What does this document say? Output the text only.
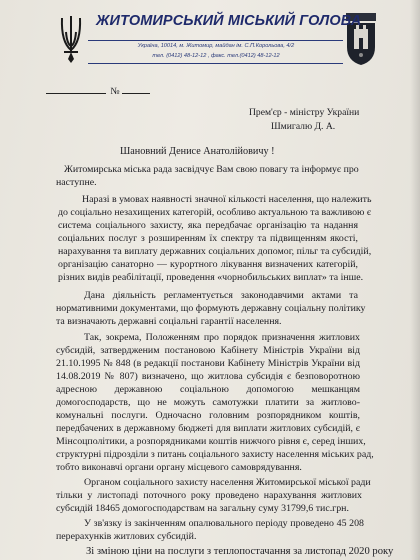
ЖИТОМИРСЬКИЙ МІСЬКИЙ ГОЛОВА
Україна, 10014, м. Житомир, майдан ім. С.П.Корольова, 4/2
тел. (0412) 48-12-12 , факс. тел.(0412) 48-12-12
№
Прем'єр - міністру України
Шмигалю Д. А.
Шановний Денисе Анатолійовичу !
Житомирська міська рада засвідчує Вам свою повагу та інформує про
наступне.
Наразі в умовах наявності значної кількості населення, що належить
до соціально незахищених категорій, особливо актуальною та важливою є
система соціального захисту, яка передбачає організацію та надання
соціальних послуг з розширенням їх спектру та підвищенням якості,
нарахування та виплату державних соціальних допомог, пільг та субсидій,
організацію санаторно — курортного лікування визначених категорій,
різних видів реабілітації, проведення «чорнобильських виплат» та інше.
Дана діяльність регламентується законодавчими актами та
нормативними документами, що формують державну соціальну політику
та визначають державні соціальні гарантії населення.
Так, зокрема, Положенням про порядок призначення житлових
субсидій, затвердженим постановою Кабінету Міністрів України від
21.10.1995 № 848 (в редакції постанови Кабінету Міністрів України від
14.08.2019 № 807) визначено, що житлова субсидія є безповоротною
адресною державною соціальною допомогою мешканцям
домогосподарств, що не можуть самотужки платити за житлово-
комунальні послуги. Одночасно головним розпорядником коштів,
передбачених в державному бюджеті для виплати житлових субсидій, є
Мінсоцполітики, а розпорядниками коштів нижчого рівня є, серед інших,
структурні підрозділи з питань соціального захисту населення міських рад,
тобто виконавчі органи органу місцевого самоврядування.
Органом соціального захисту населення Житомирської міської ради
тільки у листопаді поточного року проведено нарахування житлових
субсидій 18465 домогосподарствам на загальну суму 31799,6 тис.грн.
У зв'язку із закінченням опалювального періоду проведено 45 208
перерахунків житлових субсидій.
Зі зміною ціни на послуги з теплопостачання за листопад 2020 року
